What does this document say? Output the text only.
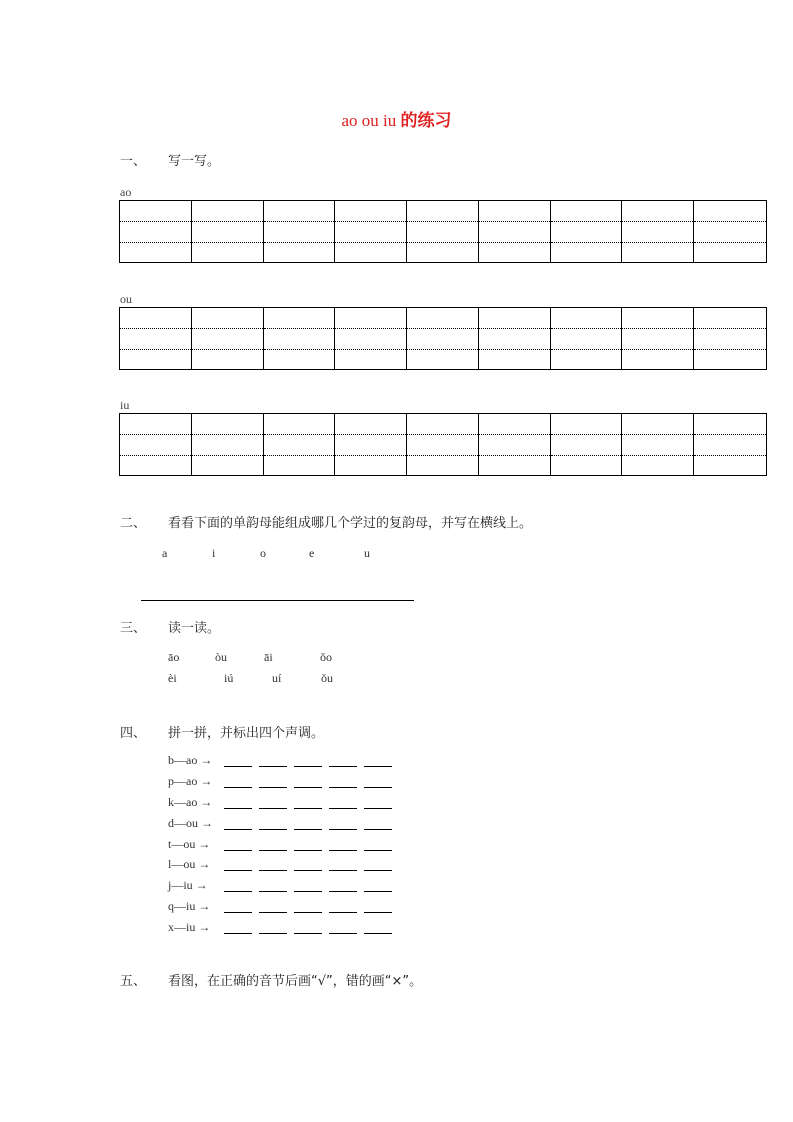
ao ou iu 的练习
一、 写一写。
ao
ou
iu
二、 看看下面的单韵母能组成哪几个学过的复韵母，并写在横线上。
a	i	o	e	u
三、 读一读。
āo	òu	āi	ǒo
èi	iú	uí	ǒu
四、 拼一拼，并标出四个声调。
b—ao →
p—ao →
k—ao →
d—ou →
t—ou →
l—ou →
j—iu →
q—iu →
x—iu →
五、 看图，在正确的音节后画“√”，错的画“×”。
